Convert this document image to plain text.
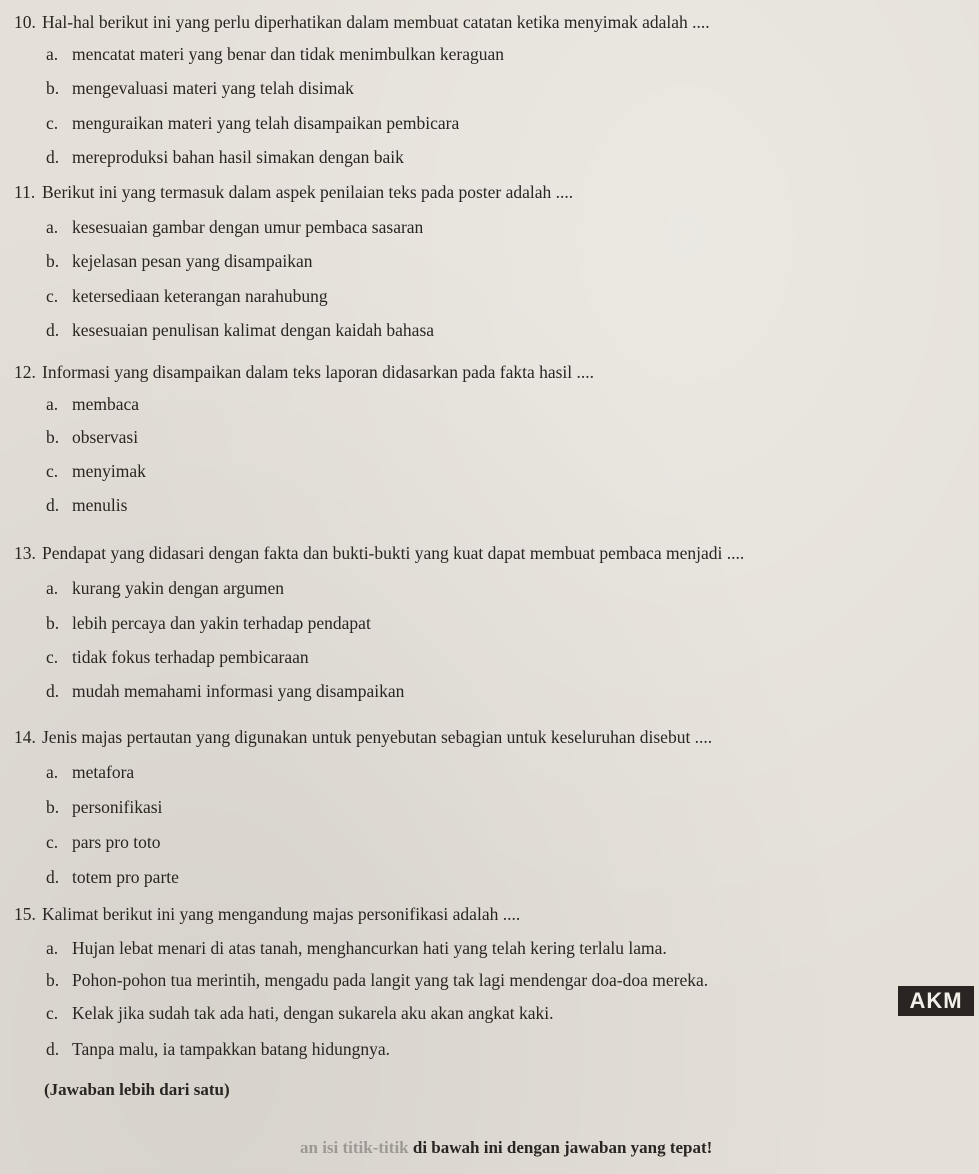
10. Hal-hal berikut ini yang perlu diperhatikan dalam membuat catatan ketika menyimak adalah ....
a. mencatat materi yang benar dan tidak menimbulkan keraguan
b. mengevaluasi materi yang telah disimak
c. menguraikan materi yang telah disampaikan pembicara
d. mereproduksi bahan hasil simakan dengan baik
11. Berikut ini yang termasuk dalam aspek penilaian teks pada poster adalah ....
a. kesesuaian gambar dengan umur pembaca sasaran
b. kejelasan pesan yang disampaikan
c. ketersediaan keterangan narahubung
d. kesesuaian penulisan kalimat dengan kaidah bahasa
12. Informasi yang disampaikan dalam teks laporan didasarkan pada fakta hasil ....
a. membaca
b. observasi
c. menyimak
d. menulis
13. Pendapat yang didasari dengan fakta dan bukti-bukti yang kuat dapat membuat pembaca menjadi ....
a. kurang yakin dengan argumen
b. lebih percaya dan yakin terhadap pendapat
c. tidak fokus terhadap pembicaraan
d. mudah memahami informasi yang disampaikan
14. Jenis majas pertautan yang digunakan untuk penyebutan sebagian untuk keseluruhan disebut ....
a. metafora
b. personifikasi
c. pars pro toto
d. totem pro parte
15. Kalimat berikut ini yang mengandung majas personifikasi adalah ....
a. Hujan lebat menari di atas tanah, menghancurkan hati yang telah kering terlalu lama.
b. Pohon-pohon tua merintih, mengadu pada langit yang tak lagi mendengar doa-doa mereka.
c. Kelak jika sudah tak ada hati, dengan sukarela aku akan angkat kaki.
d. Tanpa malu, ia tampakkan batang hidungnya.
(Jawaban lebih dari satu)
AKM
an isi titik-titik di bawah ini dengan jawaban yang tepat!
